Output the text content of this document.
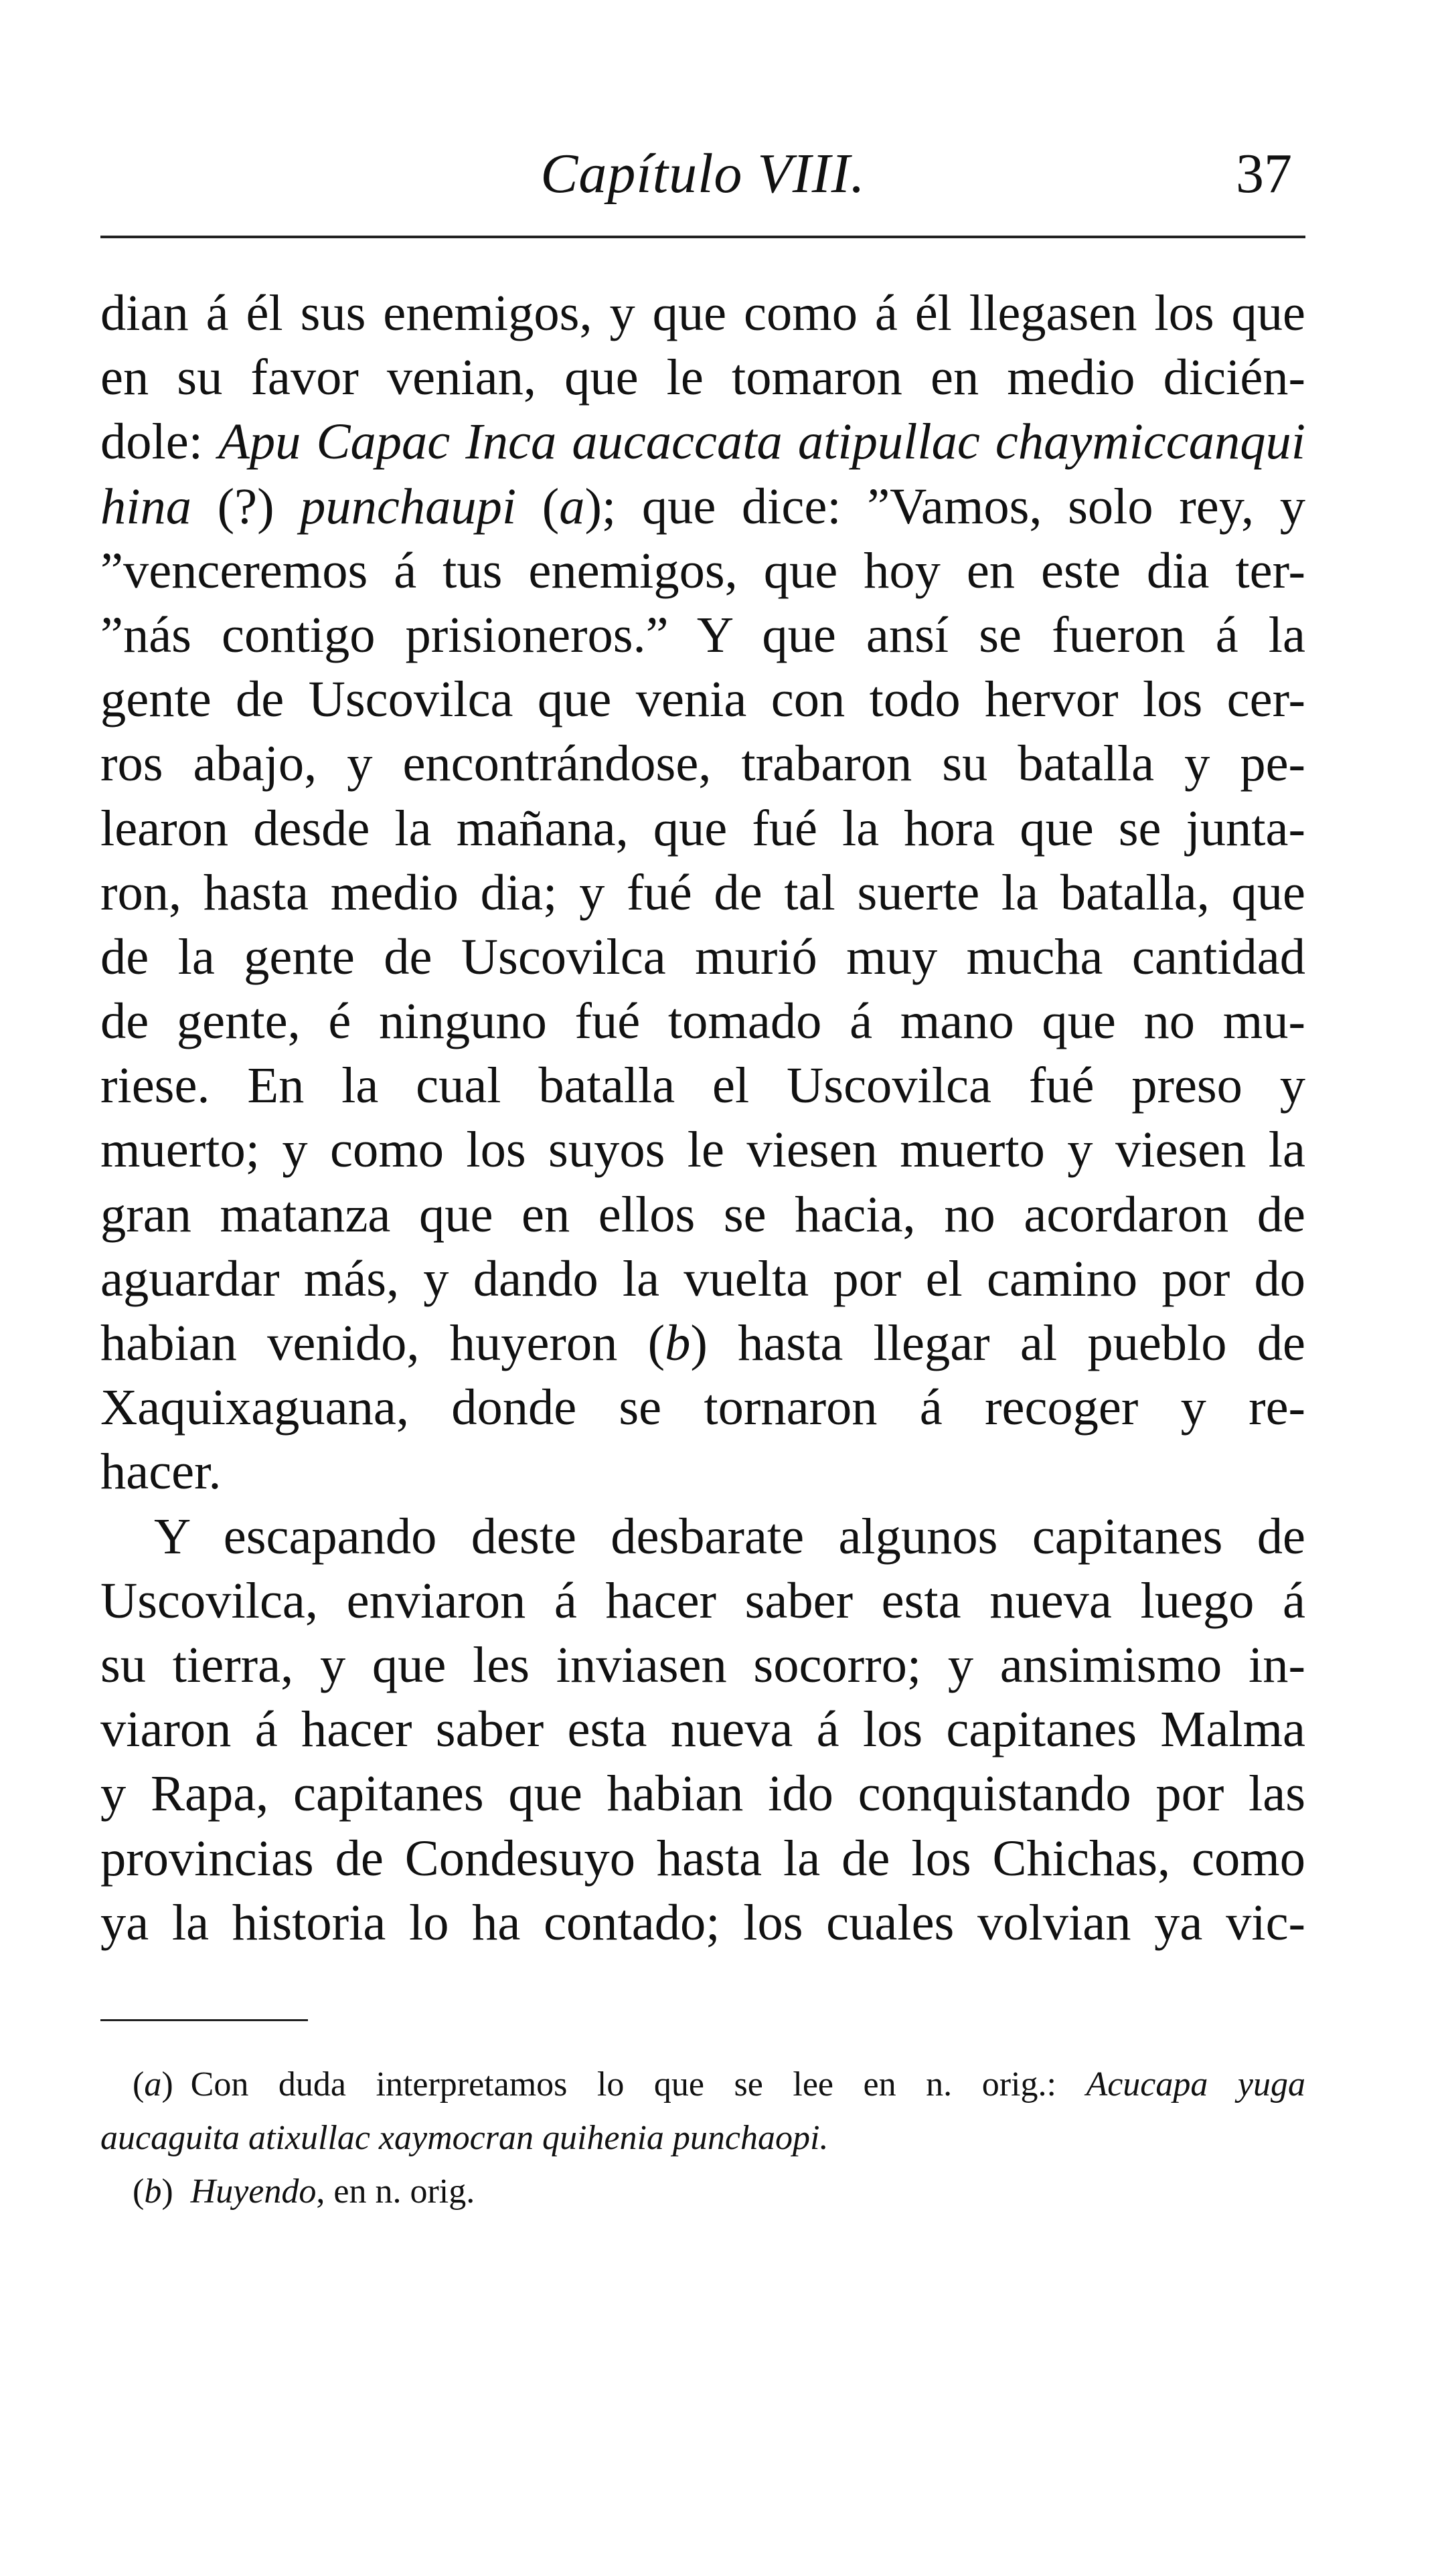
Capítulo VIII.	37

dian á él sus enemigos, y que como á él llegasen los que
en su favor venian, que le tomaron en medio dicién-
dole: Apu Capac Inca aucaccata atipullac chaymiccanqui
hina (?) punchaupi (a); que dice: ”Vamos, solo rey, y
”venceremos á tus enemigos, que hoy en este dia ter-
”nás contigo prisioneros.” Y que ansí se fueron á la
gente de Uscovilca que venia con todo hervor los cer-
ros abajo, y encontrándose, trabaron su batalla y pe-
learon desde la mañana, que fué la hora que se junta-
ron, hasta medio dia; y fué de tal suerte la batalla, que
de la gente de Uscovilca murió muy mucha cantidad
de gente, é ninguno fué tomado á mano que no mu-
riese. En la cual batalla el Uscovilca fué preso y
muerto; y como los suyos le viesen muerto y viesen la
gran matanza que en ellos se hacia, no acordaron de
aguardar más, y dando la vuelta por el camino por do
habian venido, huyeron (b) hasta llegar al pueblo de
Xaquixaguana, donde se tornaron á recoger y re-
hacer.

Y escapando deste desbarate algunos capitanes de
Uscovilca, enviaron á hacer saber esta nueva luego á
su tierra, y que les inviasen socorro; y ansimismo in-
viaron á hacer saber esta nueva á los capitanes Malma
y Rapa, capitanes que habian ido conquistando por las
provincias de Condesuyo hasta la de los Chichas, como
ya la historia lo ha contado; los cuales volvian ya vic-

(a) Con duda interpretamos lo que se lee en n. orig.: Acucapa yuga
aucaguita atixullac xaymocran quihenia punchaopi.
(b) Huyendo, en n. orig.
